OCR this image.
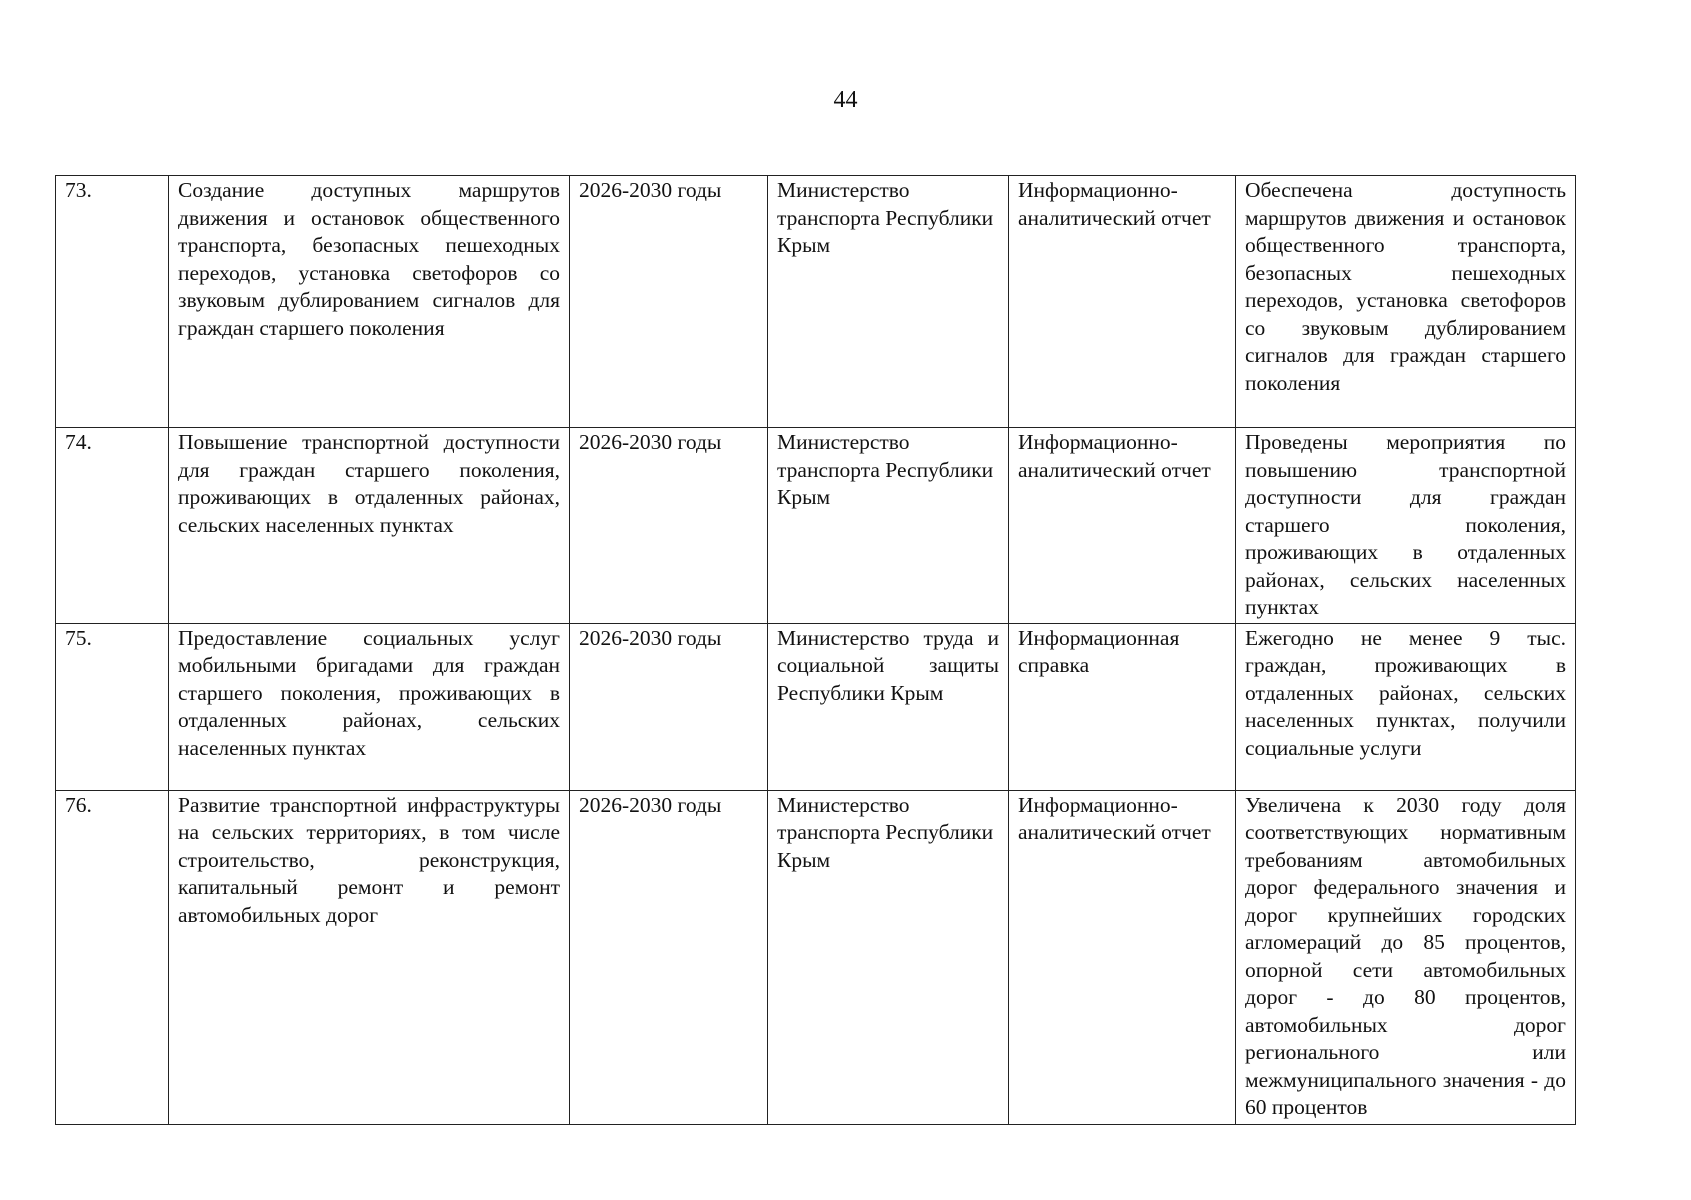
44
73.	Создание доступных маршрутов движения и остановок общественного транспорта, безопасных пешеходных переходов, установка светофоров со звуковым дублированием сигналов для граждан старшего поколения	2026-2030 годы	Министерство транспорта Республики Крым	Информационно-аналитический отчет	Обеспечена доступность маршрутов движения и остановок общественного транспорта, безопасных пешеходных переходов, установка светофоров со звуковым дублированием сигналов для граждан старшего поколения
74.	Повышение транспортной доступности для граждан старшего поколения, проживающих в отдаленных районах, сельских населенных пунктах	2026-2030 годы	Министерство транспорта Республики Крым	Информационно-аналитический отчет	Проведены мероприятия по повышению транспортной доступности для граждан старшего поколения, проживающих в отдаленных районах, сельских населенных пунктах
75.	Предоставление социальных услуг мобильными бригадами для граждан старшего поколения, проживающих в отдаленных районах, сельских населенных пунктах	2026-2030 годы	Министерство труда и социальной защиты Республики Крым	Информационная справка	Ежегодно не менее 9 тыс. граждан, проживающих в отдаленных районах, сельских населенных пунктах, получили социальные услуги
76.	Развитие транспортной инфраструктуры на сельских территориях, в том числе строительство, реконструкция, капитальный ремонт и ремонт автомобильных дорог	2026-2030 годы	Министерство транспорта Республики Крым	Информационно-аналитический отчет	Увеличена к 2030 году доля соответствующих нормативным требованиям автомобильных дорог федерального значения и дорог крупнейших городских агломераций до 85 процентов, опорной сети автомобильных дорог - до 80 процентов, автомобильных дорог регионального или межмуниципального значения - до 60 процентов
